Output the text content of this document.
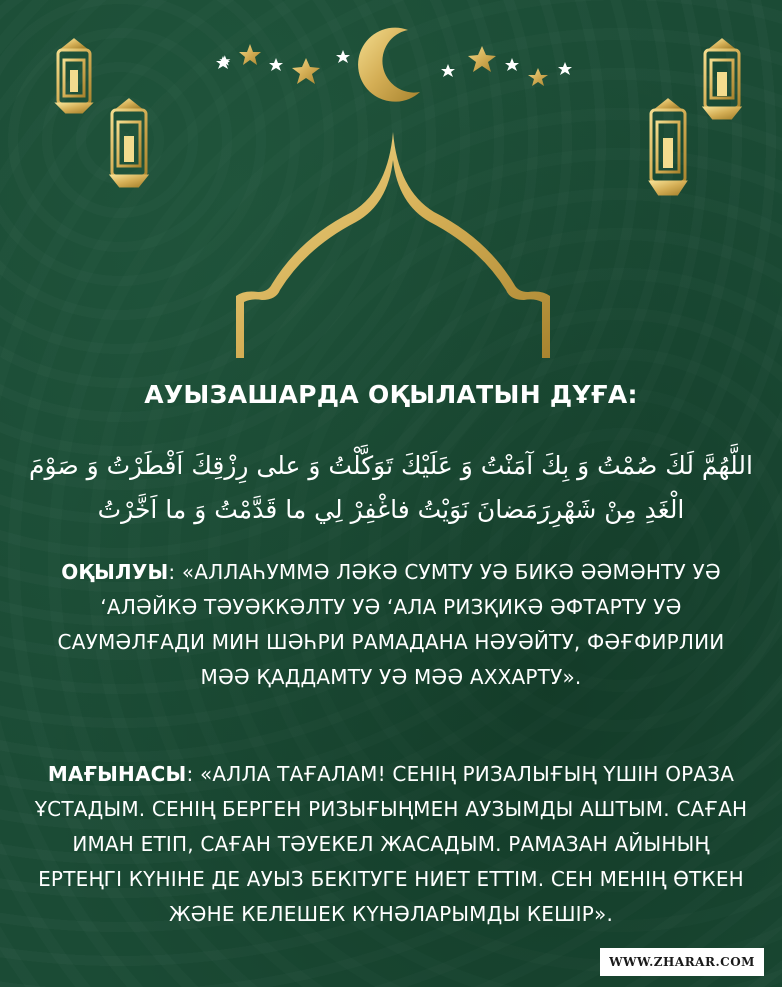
АУЫЗАШАРДА ОҚЫЛАТЫН ДҰҒА:
اللَّهُمَّ لَكَ صُمْتُ وَ بِكَ آمَنْتُ وَ عَلَيْكَ تَوَكَّلْتُ وَ على رِزْقِكَ اَفْطَرْتُ وَ صَوْمَ الْغَدِ مِنْ شَهْرِرَمَضانَ نَوَيْتُ فاغْفِرْ لِي ما قَدَّمْتُ وَ ما اَخَّرْتُ
ОҚЫЛУЫ: «АЛЛАҺУММӘ ЛӘКӘ СУМТУ УӘ БИКӘ ӘӘМӘНТУ УӘ ʻАЛӘЙКӘ ТӘУӘККӘЛТУ УӘ ʻАЛА РИЗҚИКӘ ӘФТАРТУ УӘ САУМӘЛҒАДИ МИН ШӘҺРИ РАМАДАНА НӘУӘЙТУ, ФӘҒФИРЛИИ МӘӘ ҚАДДАМТУ УӘ МӘӘ АХХАРТУ».
МАҒЫНАСЫ: «АЛЛА ТАҒАЛАМ! СЕНІҢ РИЗАЛЫҒЫҢ ҮШІН ОРАЗА ҰСТАДЫМ. СЕНІҢ БЕРГЕН РИЗЫҒЫҢМЕН АУЗЫМДЫ АШТЫМ. САҒАН ИМАН ЕТІП, САҒАН ТӘУЕКЕЛ ЖАСАДЫМ. РАМАЗАН АЙЫНЫҢ ЕРТЕҢГІ КҮНІНЕ ДЕ АУЫЗ БЕКІТУГЕ НИЕТ ЕТТІМ. СЕН МЕНІҢ ӨТКЕН ЖӘНЕ КЕЛЕШЕК КҮНӘЛАРЫМДЫ КЕШІР».
WWW.ZHARAR.COM
